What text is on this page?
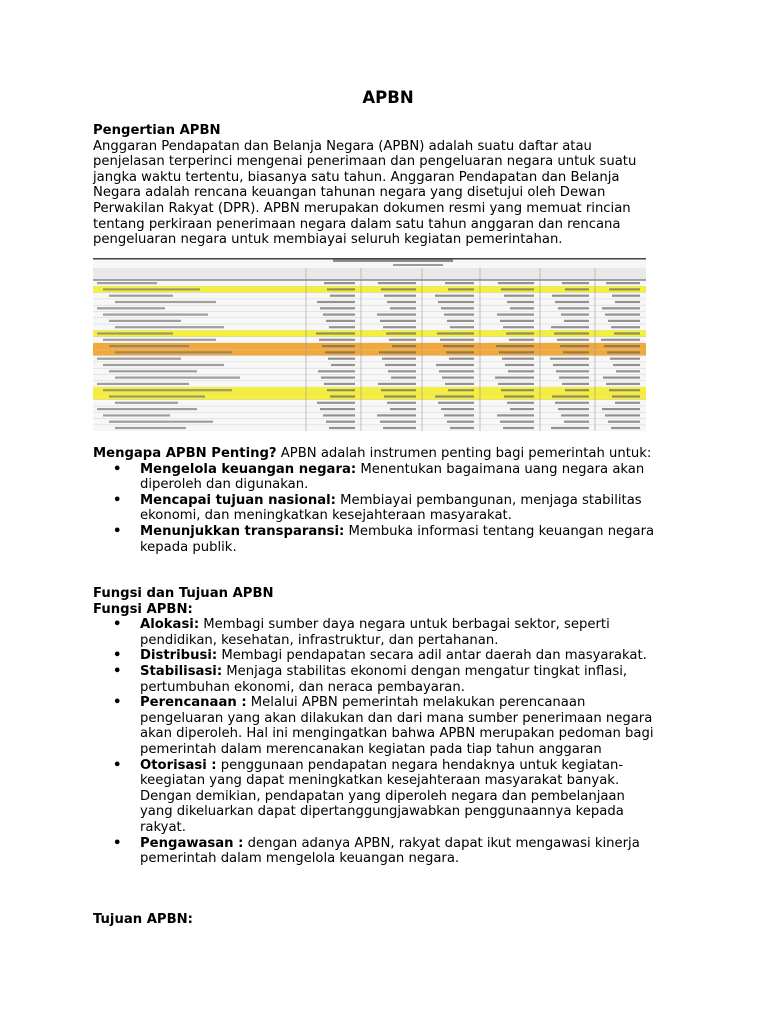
APBN

Pengertian APBN

Anggaran Pendapatan dan Belanja Negara (APBN) adalah suatu daftar atau penjelasan terperinci mengenai penerimaan dan pengeluaran negara untuk suatu jangka waktu tertentu, biasanya satu tahun. Anggaran Pendapatan dan Belanja Negara adalah rencana keuangan tahunan negara yang disetujui oleh Dewan Perwakilan Rakyat (DPR). APBN merupakan dokumen resmi yang memuat rincian tentang perkiraan penerimaan negara dalam satu tahun anggaran dan rencana pengeluaran negara untuk membiayai seluruh kegiatan pemerintahan.

Mengapa APBN Penting? APBN adalah instrumen penting bagi pemerintah untuk:

• Mengelola keuangan negara: Menentukan bagaimana uang negara akan diperoleh dan digunakan.
• Mencapai tujuan nasional: Membiayai pembangunan, menjaga stabilitas ekonomi, dan meningkatkan kesejahteraan masyarakat.
• Menunjukkan transparansi: Membuka informasi tentang keuangan negara kepada publik.

Fungsi dan Tujuan APBN

Fungsi APBN:

• Alokasi: Membagi sumber daya negara untuk berbagai sektor, seperti pendidikan, kesehatan, infrastruktur, dan pertahanan.
• Distribusi: Membagi pendapatan secara adil antar daerah dan masyarakat.
• Stabilisasi: Menjaga stabilitas ekonomi dengan mengatur tingkat inflasi, pertumbuhan ekonomi, dan neraca pembayaran.
• Perencanaan : Melalui APBN pemerintah melakukan perencanaan pengeluaran yang akan dilakukan dan dari mana sumber penerimaan negara akan diperoleh. Hal ini mengingatkan bahwa APBN merupakan pedoman bagi pemerintah dalam merencanakan kegiatan pada tiap tahun anggaran
• Otorisasi : penggunaan pendapatan negara hendaknya untuk kegiatan-keegiatan yang dapat meningkatkan kesejahteraan masyarakat banyak. Dengan demikian, pendapatan yang diperoleh negara dan pembelanjaan yang dikeluarkan dapat dipertanggungjawabkan penggunaannya kepada rakyat.
• Pengawasan : dengan adanya APBN, rakyat dapat ikut mengawasi kinerja pemerintah dalam mengelola keuangan negara.

Tujuan APBN:
